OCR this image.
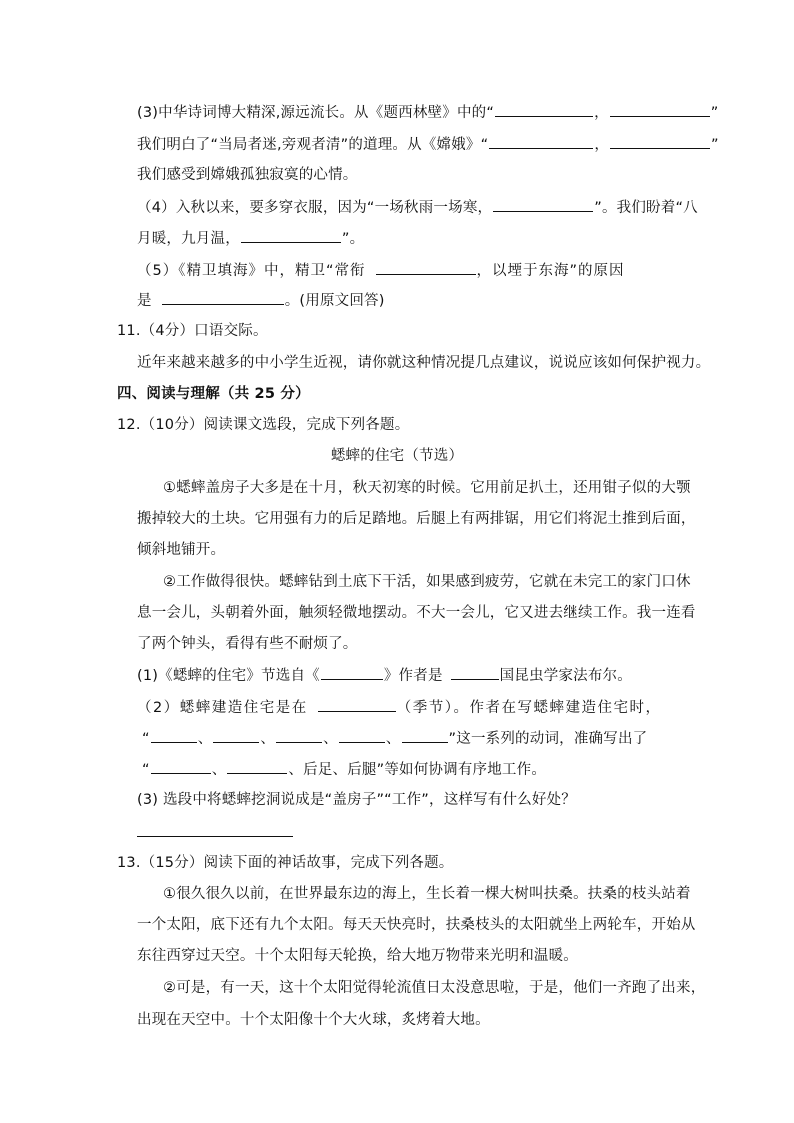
(3)中华诗词博大精深,源远流长。从《题西林壁》中的“	，	”
我们明白了“当局者迷,旁观者清”的道理。从《嫦娥》“	，	”
我们感受到嫦娥孤独寂寞的心情。
（4）入秋以来，要多穿衣服，因为“一场秋雨一场寒，	”。我们盼着“八
月暖，九月温，	”。
（5）《精卫填海》中，精卫“常衔	，以堙于东海”的原因
是	。(用原文回答)
11.（4分）口语交际。
近年来越来越多的中小学生近视，请你就这种情况提几点建议，说说应该如何保护视力。
四、阅读与理解（共 25 分）
12.（10分）阅读课文选段，完成下列各题。
蟋蟀的住宅（节选）
①蟋蟀盖房子大多是在十月，秋天初寒的时候。它用前足扒土，还用钳子似的大颚
搬掉较大的土块。它用强有力的后足踏地。后腿上有两排锯，用它们将泥土推到后面，
倾斜地铺开。
②工作做得很快。蟋蟀钻到土底下干活，如果感到疲劳，它就在未完工的家门口休
息一会儿，头朝着外面，触须轻微地摆动。不大一会儿，它又进去继续工作。我一连看
了两个钟头，看得有些不耐烦了。
(1)《蟋蟀的住宅》节选自《	》作者是	国昆虫学家法布尔。
（2）蟋蟀建造住宅是在	（季节）。作者在写蟋蟀建造住宅时，
“	、	、	、	、	”这一系列的动词，准确写出了
“	、	、后足、后腿”等如何协调有序地工作。
(3) 选段中将蟋蟀挖洞说成是“盖房子”“工作”，这样写有什么好处？
13.（15分）阅读下面的神话故事，完成下列各题。
①很久很久以前，在世界最东边的海上，生长着一棵大树叫扶桑。扶桑的枝头站着
一个太阳，底下还有九个太阳。每天天快亮时，扶桑枝头的太阳就坐上两轮车，开始从
东往西穿过天空。十个太阳每天轮换，给大地万物带来光明和温暖。
②可是，有一天，这十个太阳觉得轮流值日太没意思啦，于是，他们一齐跑了出来，
出现在天空中。十个太阳像十个大火球，炙烤着大地。
